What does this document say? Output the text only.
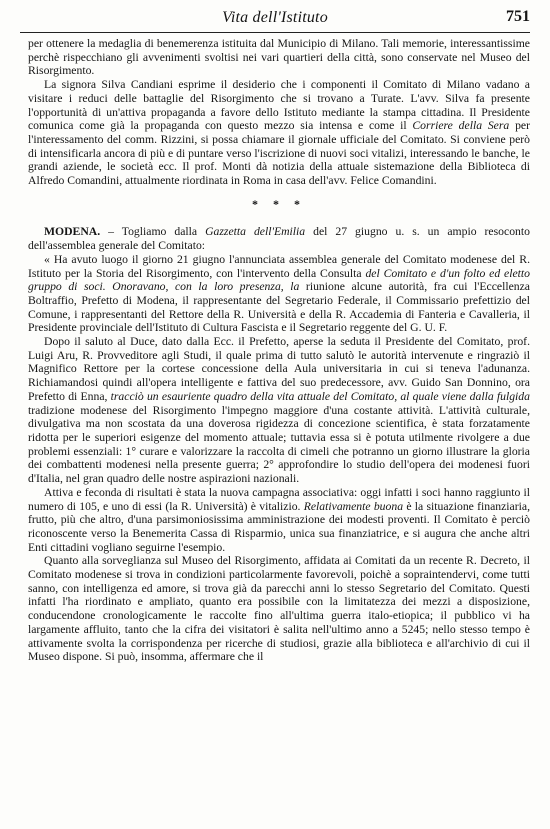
Vita dell'Istituto	751

per ottenere la medaglia di benemerenza istituita dal Municipio di Milano. Tali memorie, interessantissime perchè rispecchiano gli avvenimenti svoltisi nei vari quartieri della città, sono conservate nel Museo del Risorgimento.

La signora Silva Candiani esprime il desiderio che i componenti il Comitato di Milano vadano a visitare i reduci delle battaglie del Risorgimento che si trovano a Turate. L'avv. Silva fa presente l'opportunità di un'attiva propaganda a favore dello Istituto mediante la stampa cittadina. Il Presidente comunica come già la propaganda con questo mezzo sia intensa e come il Corriere della Sera per l'interessamento del comm. Rizzini, si possa chiamare il giornale ufficiale del Comitato. Si conviene però di intensificarla ancora di più e di puntare verso l'iscrizione di nuovi soci vitalizi, interessando le banche, le grandi aziende, le società ecc. Il prof. Monti dà notizia della attuale sistemazione della Biblioteca di Alfredo Comandini, attualmente riordinata in Roma in casa dell'avv. Felice Comandini.

* * *

MODENA. – Togliamo dalla Gazzetta dell'Emilia del 27 giugno u. s. un ampio resoconto dell'assemblea generale del Comitato:

« Ha avuto luogo il giorno 21 giugno l'annunciata assemblea generale del Comitato modenese del R. Istituto per la Storia del Risorgimento, con l'intervento della Consulta del Comitato e d'un folto ed eletto gruppo di soci. Onoravano, con la loro presenza, la riunione alcune autorità, fra cui l'Eccellenza Boltraffio, Prefetto di Modena, il rappresentante del Segretario Federale, il Commissario prefettizio del Comune, i rappresentanti del Rettore della R. Università e della R. Accademia di Fanteria e Cavalleria, il Presidente provinciale dell'Istituto di Cultura Fascista e il Segretario reggente del G. U. F.

Dopo il saluto al Duce, dato dalla Ecc. il Prefetto, aperse la seduta il Presidente del Comitato, prof. Luigi Aru, R. Provveditore agli Studi, il quale prima di tutto salutò le autorità intervenute e ringraziò il Magnifico Rettore per la cortese concessione della Aula universitaria in cui si teneva l'adunanza. Richiamandosi quindi all'opera intelligente e fattiva del suo predecessore, avv. Guido San Donnino, ora Prefetto di Enna, tracciò un esauriente quadro della vita attuale del Comitato, al quale viene dalla fulgida tradizione modenese del Risorgimento l'impegno maggiore d'una costante attività. L'attività culturale, divulgativa ma non scostata da una doverosa rigidezza di concezione scientifica, è stata forzatamente ridotta per le superiori esigenze del momento attuale; tuttavia essa si è potuta utilmente rivolgere a due problemi essenziali: 1° curare e valorizzare la raccolta di cimeli che potranno un giorno illustrare la gloria dei combattenti modenesi nella presente guerra; 2° approfondire lo studio dell'opera dei modenesi fuori d'Italia, nel gran quadro delle nostre aspirazioni nazionali.

Attiva e feconda di risultati è stata la nuova campagna associativa: oggi infatti i soci hanno raggiunto il numero di 105, e uno di essi (la R. Università) è vitalizio. Relativamente buona è la situazione finanziaria, frutto, più che altro, d'una parsimoniosissima amministrazione dei modesti proventi. Il Comitato è perciò riconoscente verso la Benemerita Cassa di Risparmio, unica sua finanziatrice, e si augura che anche altri Enti cittadini vogliano seguirne l'esempio.

Quanto alla sorveglianza sul Museo del Risorgimento, affidata ai Comitati da un recente R. Decreto, il Comitato modenese si trova in condizioni particolarmente favorevoli, poichè a sopraintendervi, come tutti sanno, con intelligenza ed amore, si trova già da parecchi anni lo stesso Segretario del Comitato. Questi infatti l'ha riordinato e ampliato, quanto era possibile con la limitatezza dei mezzi a disposizione, conducendone cronologicamente le raccolte fino all'ultima guerra italo-etiopica; il pubblico vi ha largamente affluito, tanto che la cifra dei visitatori è salita nell'ultimo anno a 5245; nello stesso tempo è attivamente svolta la corrispondenza per ricerche di studiosi, grazie alla biblioteca e all'archivio di cui il Museo dispone. Si può, insomma, affermare che il
